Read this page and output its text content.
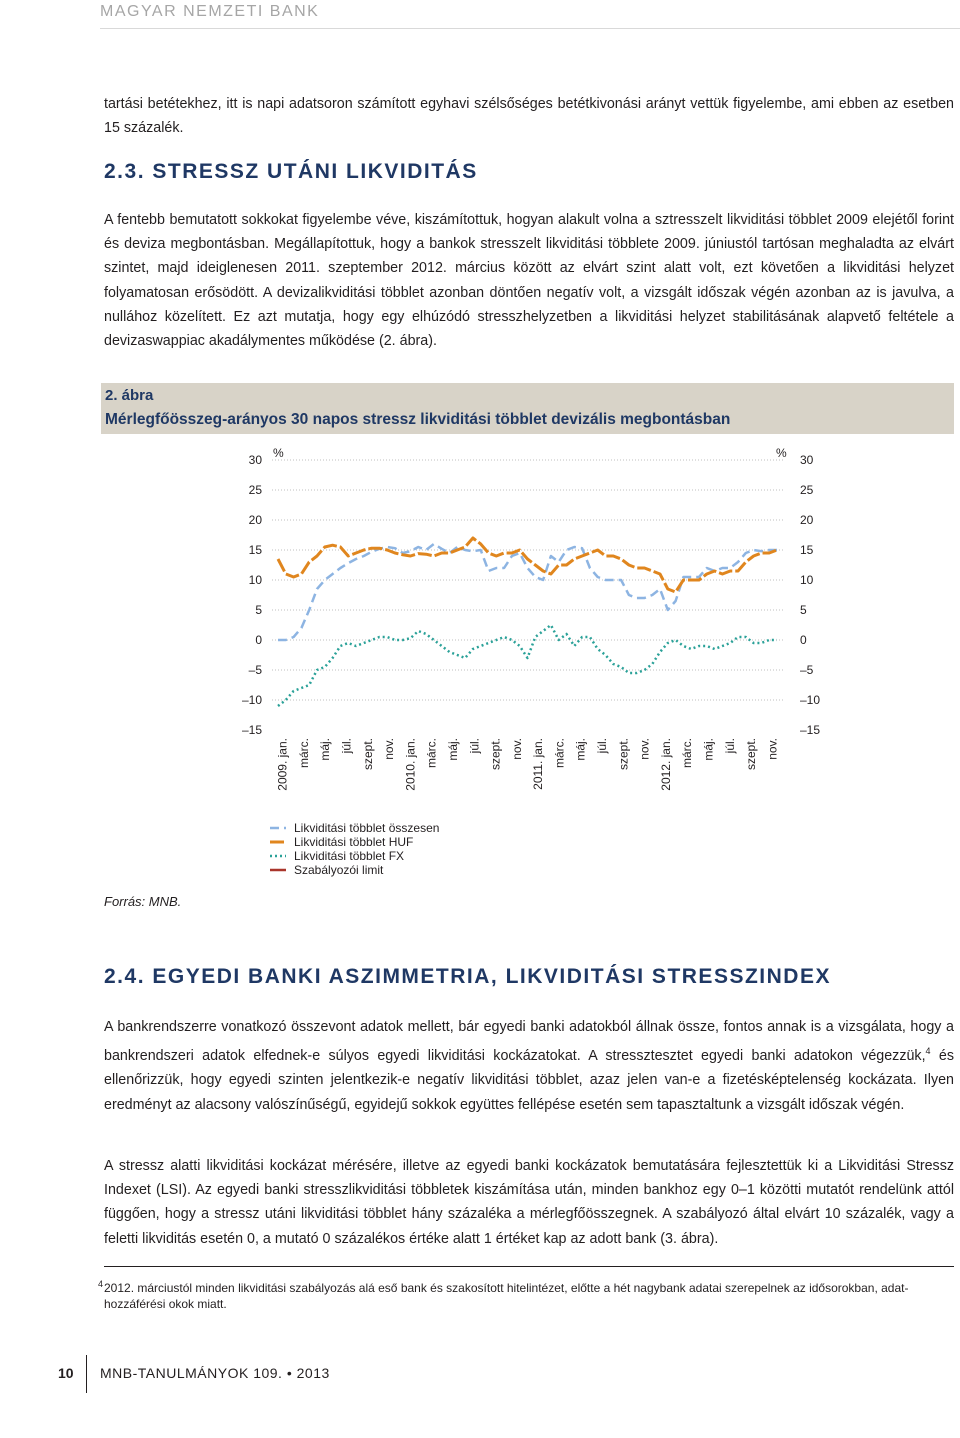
MAGYAR NEMZETI BANK

tartási betétekhez, itt is napi adatsoron számított egyhavi szélsőséges betétkivonási arányt vettük figyelembe, ami ebben az esetben 15 százalék.

2.3. STRESSZ UTÁNI LIKVIDITÁS

A fentebb bemutatott sokkokat figyelembe véve, kiszámítottuk, hogyan alakult volna a sztresszelt likviditási többlet 2009 elejétől forint és deviza megbontásban. Megállapítottuk, hogy a bankok stresszelt likviditási többlete 2009. júniustól tartósan meghaladta az elvárt szintet, majd ideiglenesen 2011. szeptember 2012. március között az elvárt szint alatt volt, ezt követően a likviditási helyzet folyamatosan erősödött. A devizalikviditási többlet azonban döntően negatív volt, a vizsgált időszak végén azonban az is javulva, a nullához közelített. Ez azt mutatja, hogy egy elhúzódó stresszhelyzetben a likviditási helyzet stabilitásának alapvető feltétele a devizaswappiac akadálymentes működése (2. ábra).

2. ábra
Mérlegfőösszeg-arányos 30 napos stressz likviditási többlet devizális megbontásban
30
25
20
15
10
5
0
–5
–10
–15
30
25
20
15
10
5
0
–5
–10
–15
2009. jan. márc. máj. júl. szept. nov. 2010. jan. márc. máj. júl. szept. nov. 2011. jan. márc. máj. júl. szept. nov. 2012. jan. márc. máj. júl. szept. nov.
%	%
Likviditási többlet összesen
Likviditási többlet HUF
Likviditási többlet FX
Szabályozói limit
Forrás: MNB.
2.4. EGYEDI BANKI ASZIMMETRIA, LIKVIDITÁSI STRESSZINDEX

A bankrendszerre vonatkozó összevont adatok mellett, bár egyedi banki adatokból állnak össze, fontos annak is a vizsgálata, hogy a bankrendszeri adatok elfednek-e súlyos egyedi likviditási kockázatokat. A stressztesztet egyedi banki adatokon végezzük,$^4$ és ellenőrizzük, hogy egyedi szinten jelentkezik-e negatív likviditási többlet, azaz jelen van-e a fizetésképtelenség kockázata. Ilyen eredményt az alacsony valószínűségű, egyidejű sokkok együttes fellépése esetén sem tapasztaltunk a vizsgált időszak végén.

A stressz alatti likviditási kockázat mérésére, illetve az egyedi banki kockázatok bemutatására fejlesztettük ki a Likviditási Stressz Indexet (LSI). Az egyedi banki stresszlikviditási többletek kiszámítása után, minden bankhoz egy 0–1 közötti mutatót rendelünk attól függően, hogy a stressz utáni likviditási többlet hány százaléka a mérlegfőösszegnek. A szabályozó által elvárt 10 százalék, vagy a feletti likviditás esetén 0, a mutató 0 százalékos értéke alatt 1 értéket kap az adott bank (3. ábra).

4 2012. márciustól minden likviditási szabályozás alá eső bank és szakosított hitelintézet, előtte a hét nagybank adatai szerepelnek az idősorokban, adat-hozzáférési okok miatt.
10 MNB-TANULMÁNYOK 109. • 2013
